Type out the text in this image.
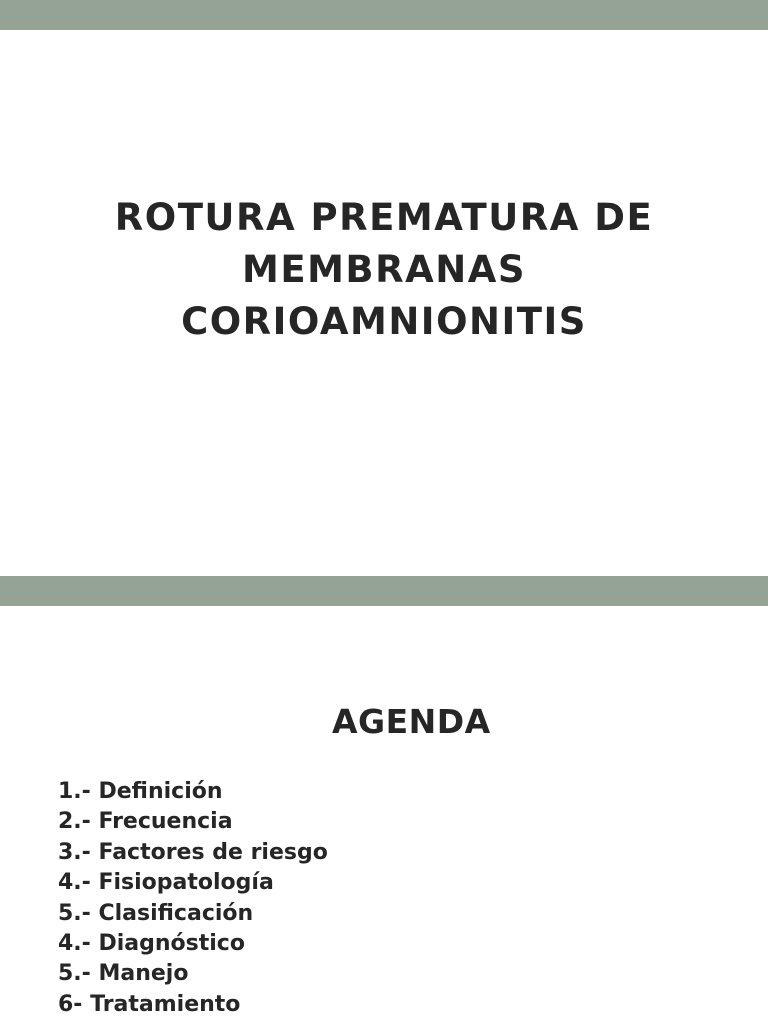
ROTURA PREMATURA DE
MEMBRANAS
CORIOAMNIONITIS
AGENDA
1.- Definición
2.- Frecuencia
3.- Factores de riesgo
4.- Fisiopatología
5.- Clasificación
4.- Diagnóstico
5.- Manejo
6- Tratamiento
